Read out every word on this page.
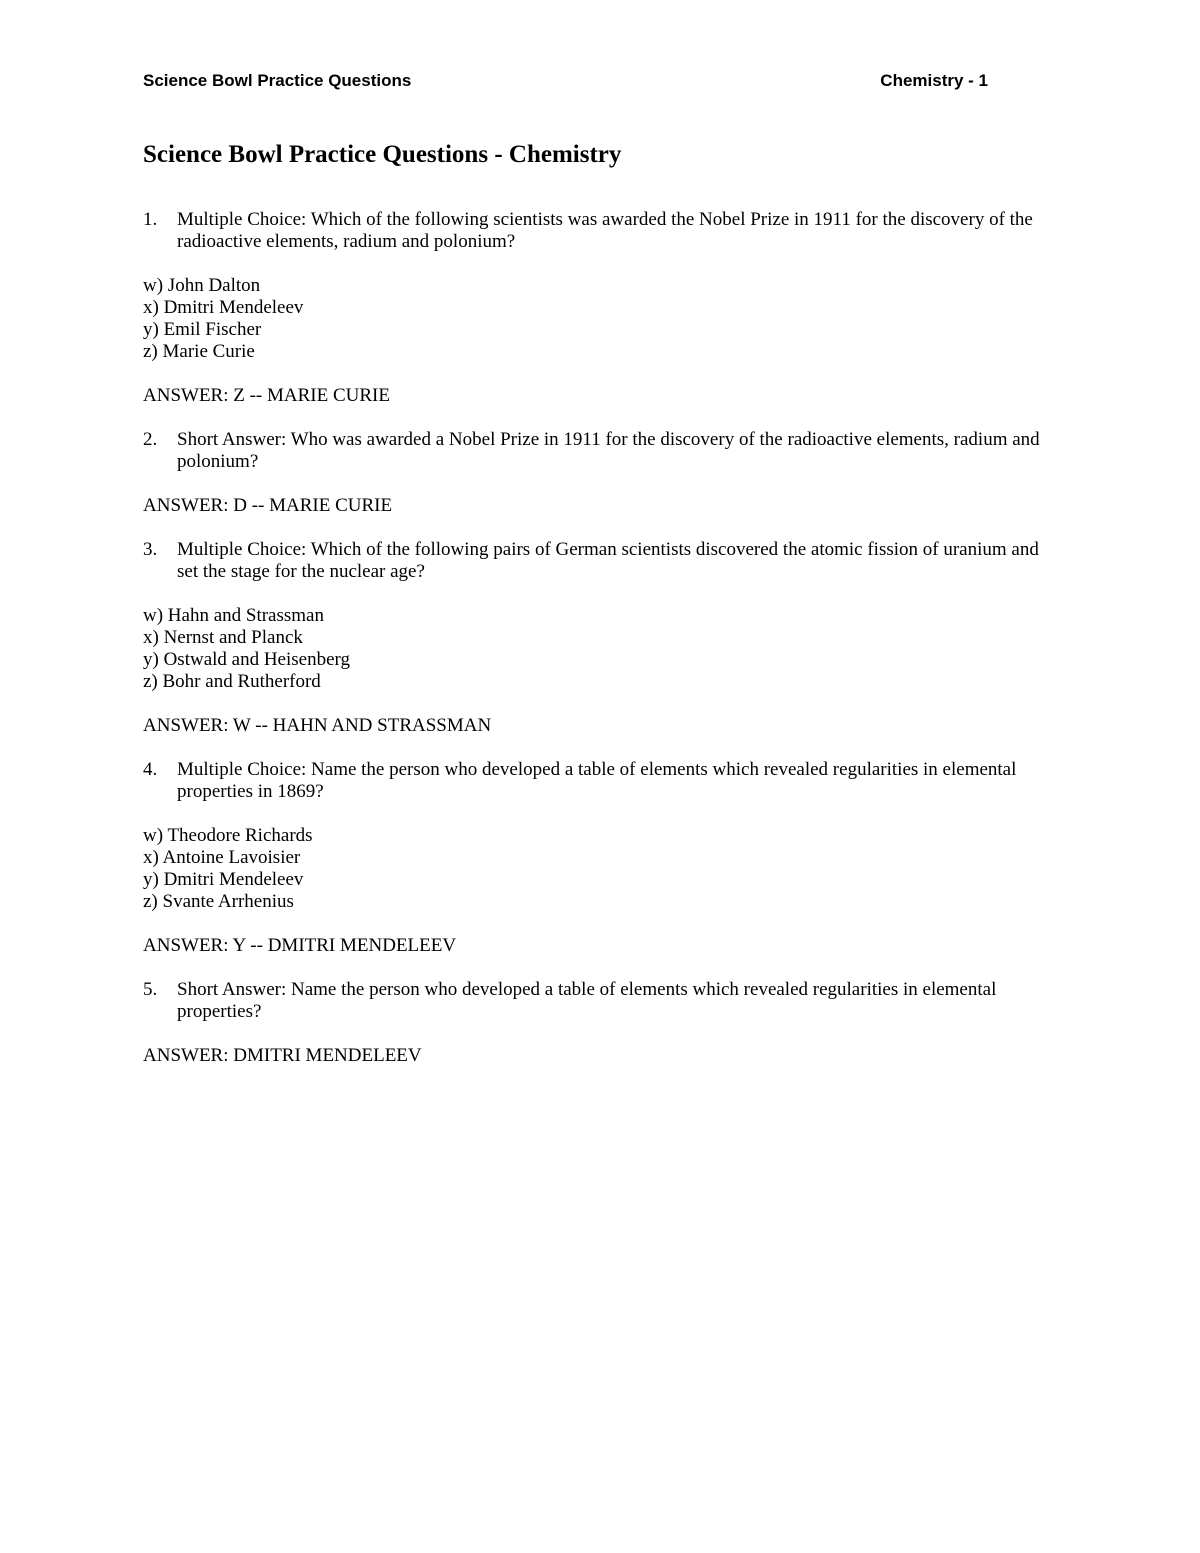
Science Bowl Practice Questions	Chemistry - 1
Science Bowl Practice Questions - Chemistry

1. Multiple Choice: Which of the following scientists was awarded the Nobel Prize in 1911 for the discovery of the radioactive elements, radium and polonium?

w) John Dalton
x) Dmitri Mendeleev
y) Emil Fischer
z) Marie Curie

ANSWER: Z -- MARIE CURIE

2. Short Answer: Who was awarded a Nobel Prize in 1911 for the discovery of the radioactive elements, radium and polonium?

ANSWER: D -- MARIE CURIE

3. Multiple Choice: Which of the following pairs of German scientists discovered the atomic fission of uranium and set the stage for the nuclear age?

w) Hahn and Strassman
x) Nernst and Planck
y) Ostwald and Heisenberg
z) Bohr and Rutherford

ANSWER: W -- HAHN AND STRASSMAN

4. Multiple Choice: Name the person who developed a table of elements which revealed regularities in elemental properties in 1869?

w) Theodore Richards
x) Antoine Lavoisier
y) Dmitri Mendeleev
z) Svante Arrhenius

ANSWER: Y -- DMITRI MENDELEEV

5. Short Answer: Name the person who developed a table of elements which revealed regularities in elemental properties?

ANSWER: DMITRI MENDELEEV
